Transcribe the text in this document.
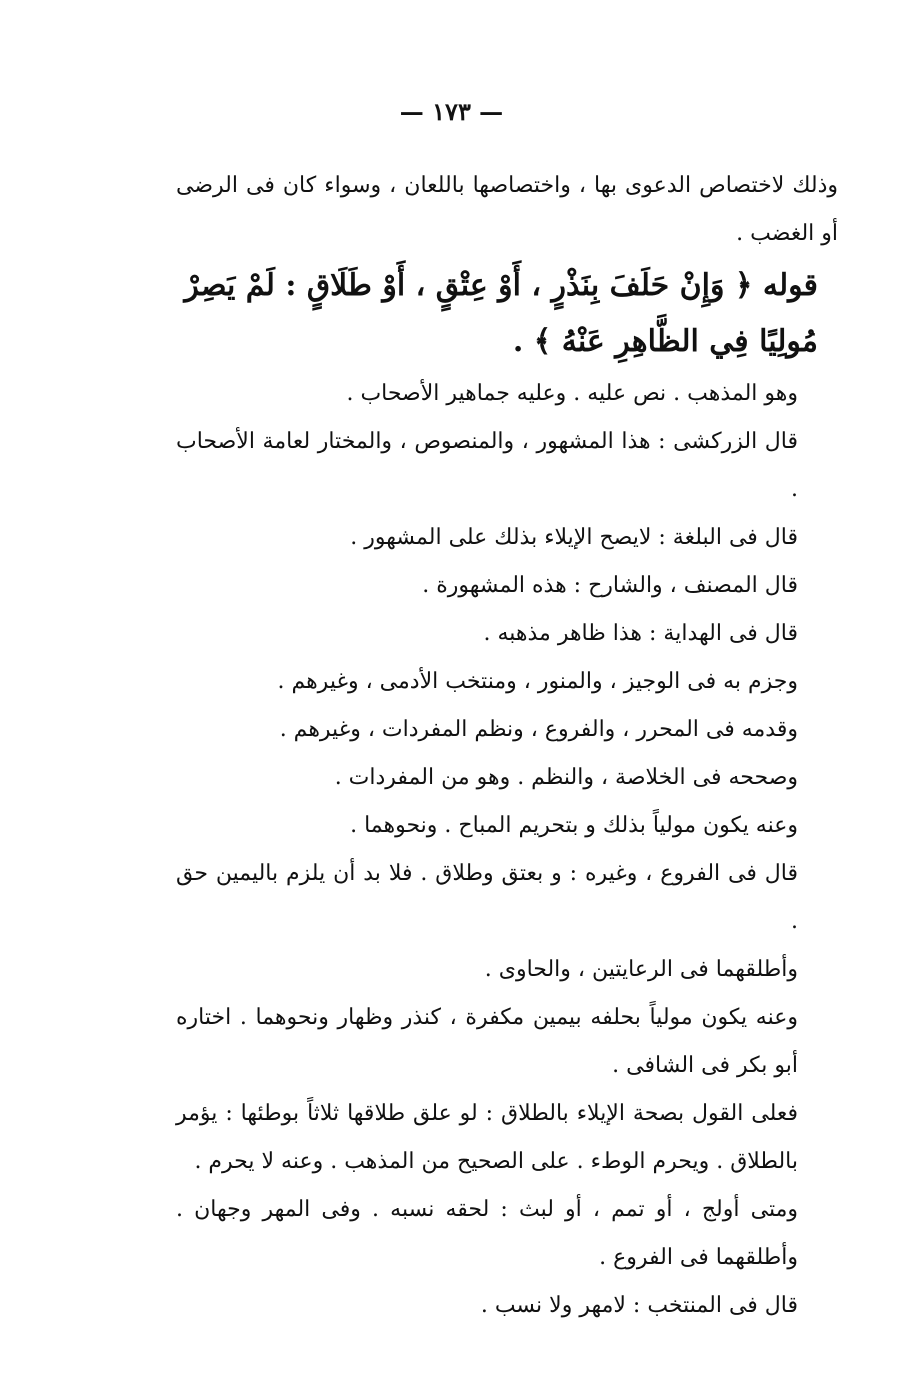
— ١٧٣ —

وذلك لاختصاص الدعوى بها ، واختصاصها باللعان ، وسواء كان فى الرضى أو الغضب .

قوله ﴿ وَإِنْ حَلَفَ بِنَذْرٍ ، أَوْ عِتْقٍ ، أَوْ طَلَاقٍ : لَمْ يَصِرْ مُولِيًا فِي الظَّاهِرِ عَنْهُ ﴾ .

وهو المذهب . نص عليه . وعليه جماهير الأصحاب .

قال الزركشى : هذا المشهور ، والمنصوص ، والمختار لعامة الأصحاب .

قال فى البلغة : لايصح الإيلاء بذلك على المشهور .

قال المصنف ، والشارح : هذه المشهورة .

قال فى الهداية : هذا ظاهر مذهبه .

وجزم به فى الوجيز ، والمنور ، ومنتخب الأدمى ، وغيرهم .

وقدمه فى المحرر ، والفروع ، ونظم المفردات ، وغيرهم .

وصححه فى الخلاصة ، والنظم . وهو من المفردات .

وعنه يكون مولياً بذلك و بتحريم المباح . ونحوهما .

قال فى الفروع ، وغيره : و بعتق وطلاق . فلا بد أن يلزم باليمين حق .

وأطلقهما فى الرعايتين ، والحاوى .

وعنه يكون مولياً بحلفه بيمين مكفرة ، كنذر وظهار ونحوهما . اختاره أبو بكر فى الشافى .

فعلى القول بصحة الإيلاء بالطلاق : لو علق طلاقها ثلاثاً بوطئها : يؤمر بالطلاق . ويحرم الوطء . على الصحيح من المذهب . وعنه لا يحرم .

ومتى أولج ، أو تمم ، أو لبث : لحقه نسبه . وفى المهر وجهان . وأطلقهما فى الفروع .

قال فى المنتخب : لامهر ولا نسب .
